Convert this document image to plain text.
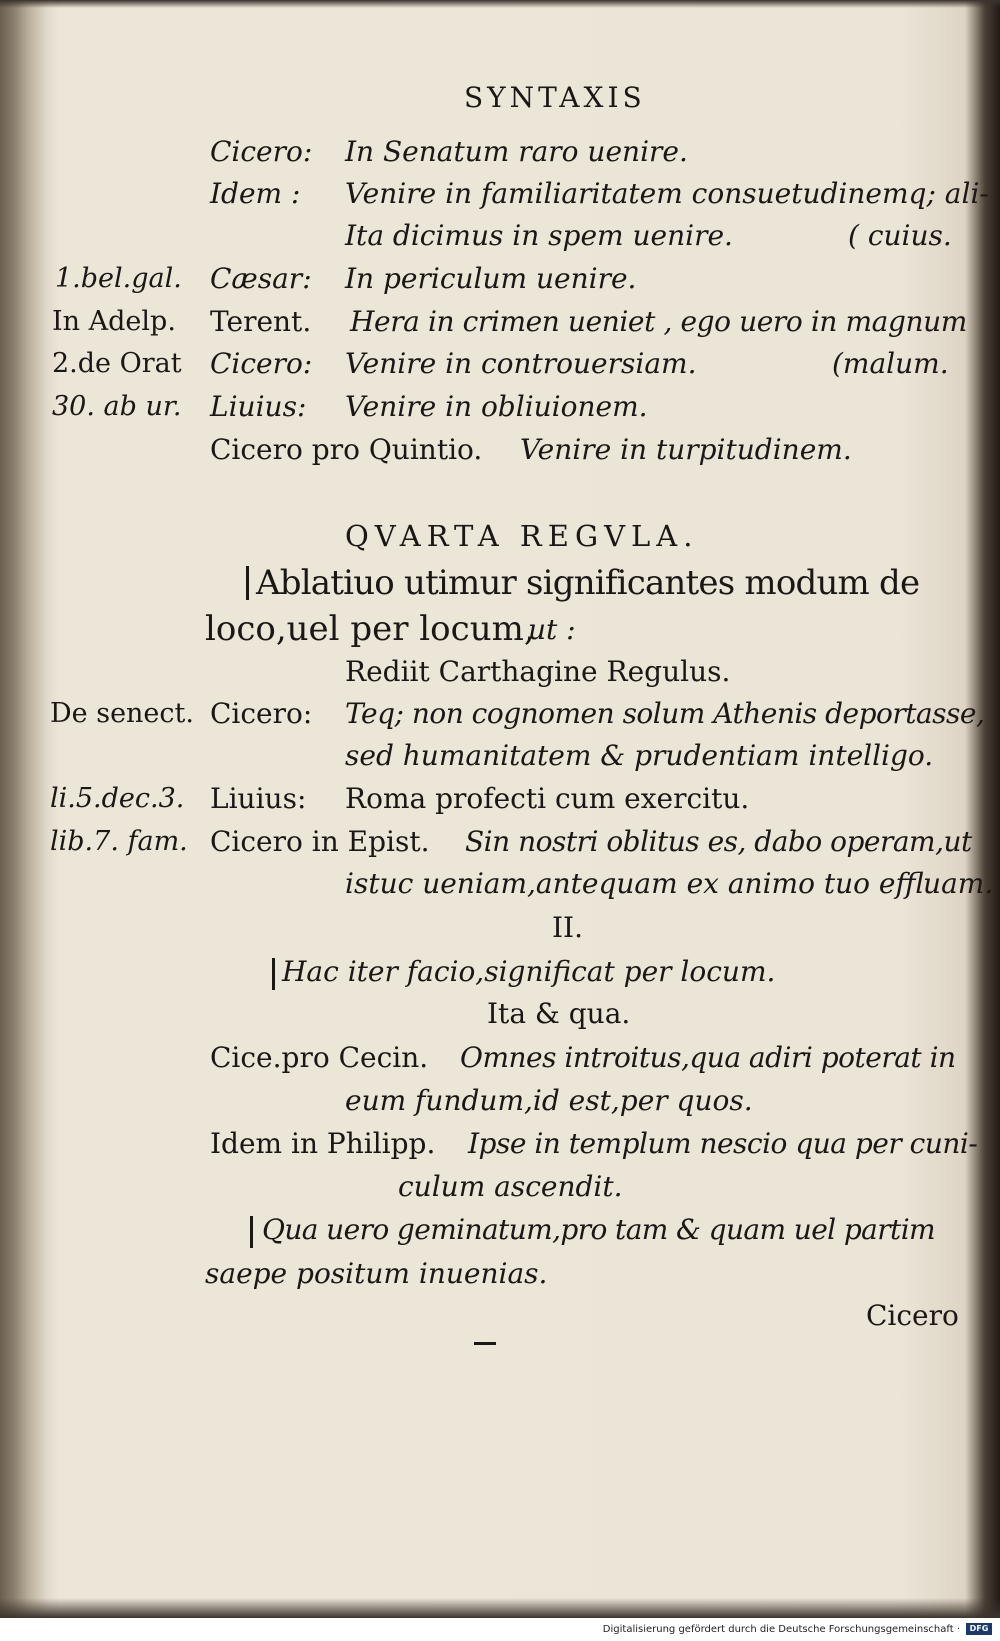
SYNTAXIS
Cicero: In Senatum raro uenire.
Idem : Venire in familiaritatem consuetudinemq; ali-
Ita dicimus in spem uenire.	( cuius.
1.bel.gal. Cæsar: In periculum uenire.
In Adelp. Terent. Hera in crimen ueniet , ego uero in magnum
2.de Orat Cicero: Venire in controuersiam.	(malum.
30. ab ur. Liuius: Venire in obliuionem.
Cicero pro Quintio. Venire in turpitudinem.
QVARTA REGVLA.
Ablatiuo utimur significantes modum de
loco,uel per locum,
ut :
Rediit Carthagine Regulus.
De senect. Cicero: Teq; non cognomen solum Athenis deportasse,
sed humanitatem & prudentiam intelligo.
li.5.dec.3. Liuius: Roma profecti cum exercitu.
lib.7. fam. Cicero in Epist. Sin nostri oblitus es, dabo operam,ut
istuc ueniam,antequam ex animo tuo effluam.
II.
Hac iter facio,significat per locum.
Ita & qua.
Cice.pro Cecin. Omnes introitus,qua adiri poterat in
eum fundum,id est,per quos.
Idem in Philipp. Ipse in templum nescio qua per cuni-
culum ascendit.
Qua uero geminatum,pro tam & quam uel partim
saepe positum inuenias.
Cicero
Digitalisierung gefördert durch die Deutsche Forschungsgemeinschaft ·	DFG
